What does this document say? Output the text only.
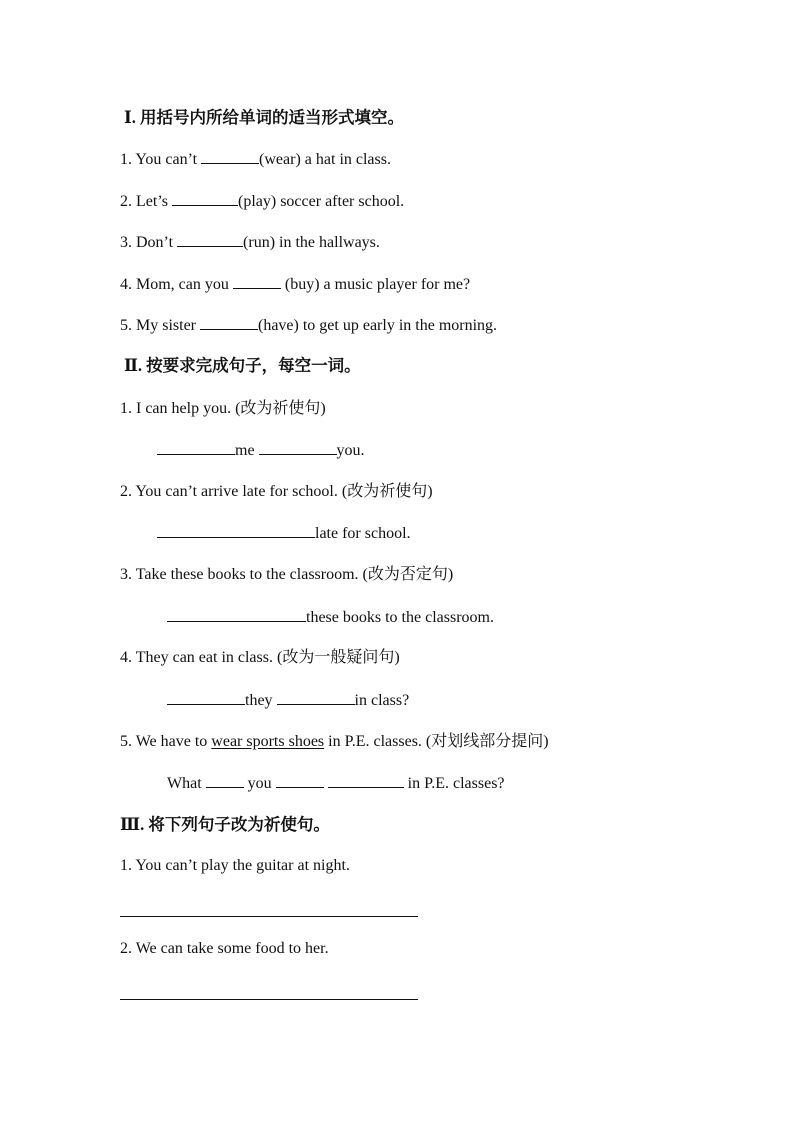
Ⅰ. 用括号内所给单词的适当形式填空。
1. You can’t	(wear) a hat in class.
2. Let’s	(play) soccer after school.
3. Don’t	(run) in the hallways.
4. Mom, can you	(buy) a music player for me?
5. My sister	(have) to get up early in the morning.
Ⅱ. 按要求完成句子，每空一词。
1. I can help you. (改为祈使句)
me	you.
2. You can’t arrive late for school. (改为祈使句)
late for school.
3. Take these books to the classroom. (改为否定句)
these books to the classroom.
4. They can eat in class. (改为一般疑问句)
they	in class?
5. We have to wear sports shoes in P.E. classes. (对划线部分提问)
What  you	in P.E. classes?
Ⅲ. 将下列句子改为祈使句。
1. You can’t play the guitar at night.
2. We can take some food to her.
